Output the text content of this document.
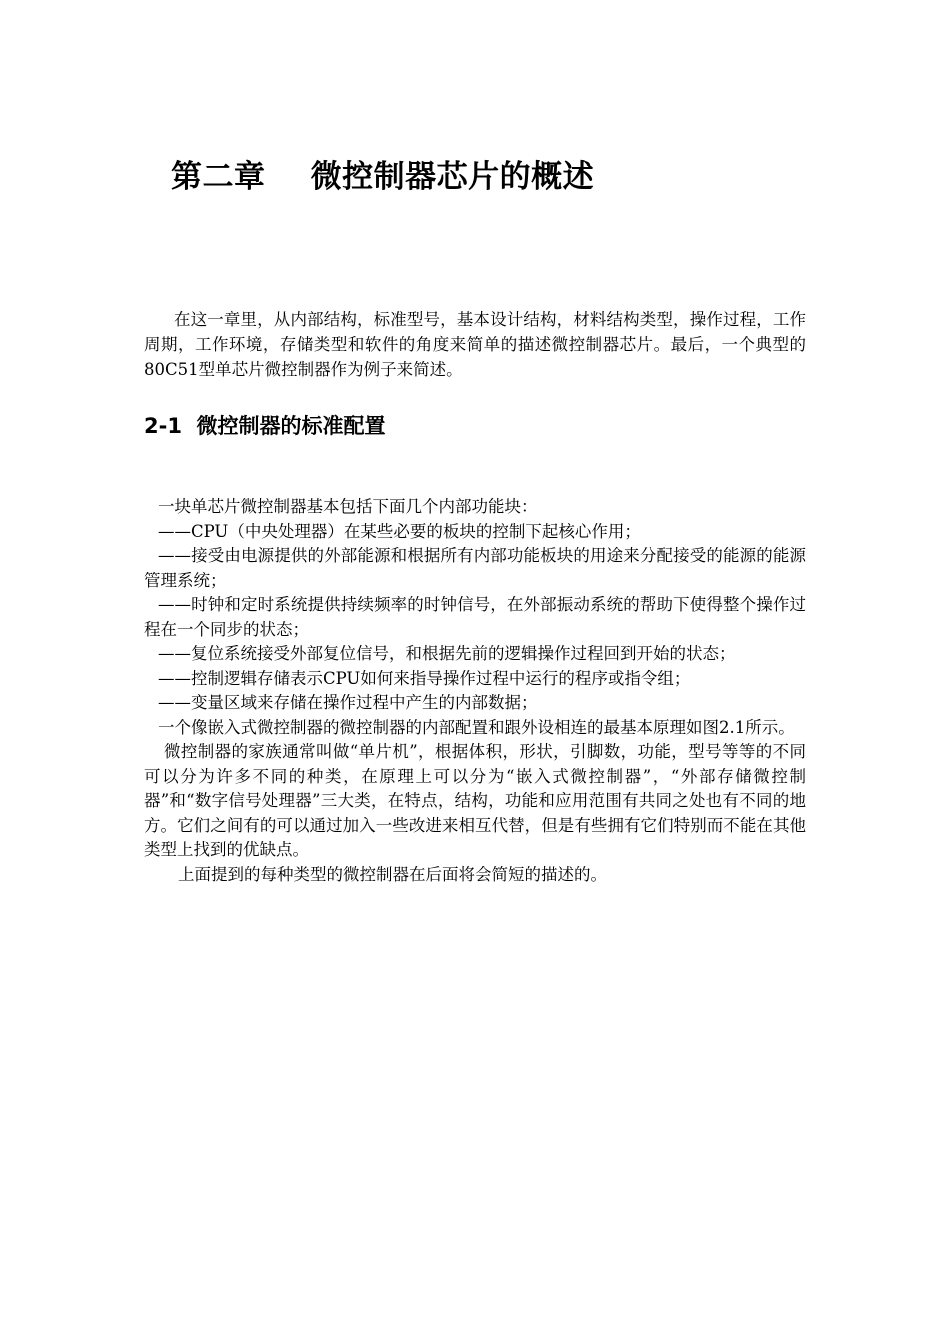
第二章    微控制器芯片的概述

在这一章里，从内部结构，标准型号，基本设计结构，材料结构类型，操作过程，工作周期，工作环境，存储类型和软件的角度来简单的描述微控制器芯片。最后，一个典型的80C51型单芯片微控制器作为例子来简述。

2-1  微控制器的标准配置

一块单芯片微控制器基本包括下面几个内部功能块：

——CPU（中央处理器）在某些必要的板块的控制下起核心作用；

——接受由电源提供的外部能源和根据所有内部功能板块的用途来分配接受的能源的能源管理系统；

——时钟和定时系统提供持续频率的时钟信号，在外部振动系统的帮助下使得整个操作过程在一个同步的状态；

——复位系统接受外部复位信号，和根据先前的逻辑操作过程回到开始的状态；

——控制逻辑存储表示CPU如何来指导操作过程中运行的程序或指令组；

——变量区域来存储在操作过程中产生的内部数据；

一个像嵌入式微控制器的微控制器的内部配置和跟外设相连的最基本原理如图2.1所示。

微控制器的家族通常叫做“单片机”，根据体积，形状，引脚数，功能，型号等等的不同可以分为许多不同的种类，在原理上可以分为“嵌入式微控制器”，“外部存储微控制器”和“数字信号处理器”三大类，在特点，结构，功能和应用范围有共同之处也有不同的地方。它们之间有的可以通过加入一些改进来相互代替，但是有些拥有它们特别而不能在其他类型上找到的优缺点。

上面提到的每种类型的微控制器在后面将会简短的描述的。
